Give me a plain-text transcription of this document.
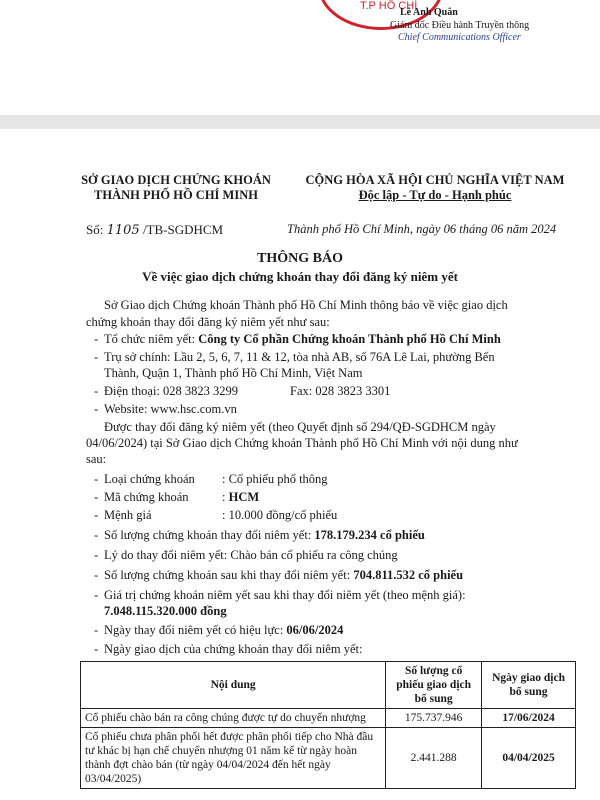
T.P HỒ CHÍ
Lê Anh Quân
Giám đốc Điều hành Truyền thông
Chief Communications Officer
SỞ GIAO DỊCH CHỨNG KHOÁN
THÀNH PHỐ HỒ CHÍ MINH
CỘNG HÒA XÃ HỘI CHỦ NGHĨA VIỆT NAM
Độc lập - Tự do - Hạnh phúc
Số: 1105 /TB-SGDHCM	Thành phố Hồ Chí Minh, ngày 06 tháng 06 năm 2024
THÔNG BÁO
Về việc giao dịch chứng khoán thay đổi đăng ký niêm yết
Sở Giao dịch Chứng khoán Thành phố Hồ Chí Minh thông báo về việc giao dịch
chứng khoán thay đổi đăng ký niêm yết như sau:
- Tổ chức niêm yết: Công ty Cổ phần Chứng khoán Thành phố Hồ Chí Minh
- Trụ sở chính: Lầu 2, 5, 6, 7, 11 & 12, tòa nhà AB, số 76A Lê Lai, phường Bến
Thành, Quận 1, Thành phố Hồ Chí Minh, Việt Nam
- Điện thoại: 028 3823 3299	Fax: 028 3823 3301
- Website: www.hsc.com.vn
Được thay đổi đăng ký niêm yết (theo Quyết định số 294/QĐ-SGDHCM ngày
04/06/2024) tại Sở Giao dịch Chứng khoán Thành phố Hồ Chí Minh với nội dung như
sau:
- Loại chứng khoán : Cổ phiếu phổ thông
- Mã chứng khoán	: HCM
- Mệnh giá	: 10.000 đồng/cổ phiếu
- Số lượng chứng khoán thay đổi niêm yết: 178.179.234 cổ phiếu
- Lý do thay đổi niêm yết: Chào bán cổ phiếu ra công chúng
- Số lượng chứng khoán sau khi thay đổi niêm yết: 704.811.532 cổ phiếu
- Giá trị chứng khoán niêm yết sau khi thay đổi niêm yết (theo mệnh giá):
7.048.115.320.000 đồng
- Ngày thay đổi niêm yết có hiệu lực: 06/06/2024
- Ngày giao dịch của chứng khoán thay đổi niêm yết:
Nội dung	Số lượng cổ phiếu giao dịch bổ sung	Ngày giao dịch bổ sung
Cổ phiếu chào bán ra công chúng được tự do chuyển nhượng	175.737.946	17/06/2024
Cổ phiếu chưa phân phối hết được phân phối tiếp cho Nhà đầu tư khác bị hạn chế chuyển nhượng 01 năm kể từ ngày hoàn thành đợt chào bán (từ ngày 04/04/2024 đến hết ngày 03/04/2025)	2.441.288	04/04/2025
